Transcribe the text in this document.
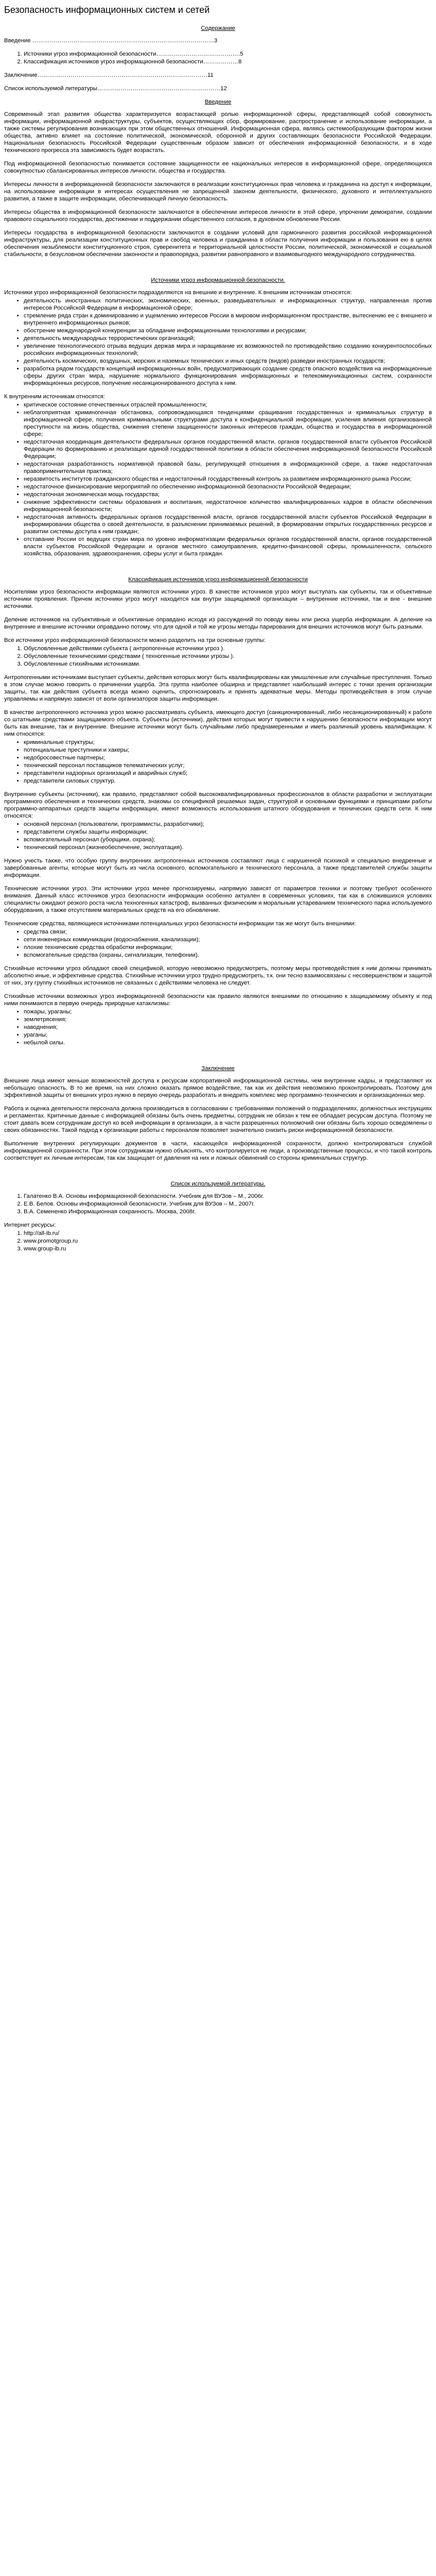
Безопасность информационных систем и сетей
Содержание
Введение …………………………………………………………………………………3
1. Источники угроз информационной безопасности…………………………………….5
2. Классификация источников угроз информационной безопасности………………8
Заключение……………………………………………………………………………11
Список используемой литературы………………………………………………………12
Введение

Современный этап развития общества характеризуется возрастающей ролью информационной сферы, представляющей собой совокупность информации, информационной инфраструктуры, субъектов, осуществляющих сбор, формирование, распространение и использование информации, а также системы регулирования возникающих при этом общественных отношений. Информационная сфера, являясь системообразующим фактором жизни общества, активно влияет на состояние политической, экономической, оборонной и других составляющих безопасности Российской Федерации. Национальная безопасность Российской Федерации существенным образом зависит от обеспечения информационной безопасности, и в ходе технического прогресса эта зависимость будет возрастать.

Под информационной безопасностью понимается состояние защищенности ее национальных интересов в информационной сфере, определяющихся совокупностью сбалансированных интересов личности, общества и государства.

Интересы личности в информационной безопасности заключаются в реализации конституционных прав человека и гражданина на доступ к информации, на использование информации в интересах осуществления не запрещенной законом деятельности, физического, духовного и интеллектуального развития, а также в защите информации, обеспечивающей личную безопасность.

Интересы общества в информационной безопасности заключаются в обеспечении интересов личности в этой сфере, упрочении демократии, создании правового социального государства, достижении и поддержании общественного согласия, в духовном обновлении России.

Интересы государства в информационной безопасности заключаются в создании условий для гармоничного развития российской информационной инфраструктуры, для реализации конституционных прав и свобод человека и гражданина в области получения информации и пользования ею в целях обеспечения незыблемости конституционного строя, суверенитета и территориальной целостности России, политической, экономической и социальной стабильности, в безусловном обеспечении законности и правопорядка, развитии равноправного и взаимовыгодного международного сотрудничества.

Источники угроз информационной безопасности.

Источники угроз информационной безопасности подразделяются на внешние и внутренние. К внешним источникам относятся:

• деятельность иностранных политических, экономических, военных, разведывательных и информационных структур, направленная против интересов Российской Федерации в информационной сфере;
• стремление ряда стран к доминированию и ущемлению интересов России в мировом информационном пространстве, вытеснению ее с внешнего и внутреннего информационных рынков;
• обострение международной конкуренции за обладание информационными технологиями и ресурсами;
• деятельность международных террористических организаций;
• увеличение технологического отрыва ведущих держав мира и наращивание их возможностей по противодействию созданию конкурентоспособных российских информационных технологий;
• деятельность космических, воздушных, морских и наземных технических и иных средств (видов) разведки иностранных государств;
• разработка рядом государств концепций информационных войн, предусматривающих создание средств опасного воздействия на информационные сферы других стран мира, нарушение нормального функционирования информационных и телекоммуникационных систем, сохранности информационных ресурсов, получение несанкционированного доступа к ним.

К внутренним источникам относятся:

• критическое состояние отечественных отраслей промышленности;
• неблагоприятная криминогенная обстановка, сопровождающаяся тенденциями сращивания государственных и криминальных структур в информационной сфере, получения криминальными структурами доступа к конфиденциальной информации, усиления влияния организованной преступности на жизнь общества, снижения степени защищенности законных интересов граждан, общества и государства в информационной сфере;
• недостаточная координация деятельности федеральных органов государственной власти, органов государственной власти субъектов Российской Федерации по формированию и реализации единой государственной политики в области обеспечения информационной безопасности Российской Федерации;
• недостаточная разработанность нормативной правовой базы, регулирующей отношения в информационной сфере, а также недостаточная правоприменительная практика;
• неразвитость институтов гражданского общества и недостаточный государственный контроль за развитием информационного рынка России;
• недостаточное финансирование мероприятий по обеспечению информационной безопасности Российской Федерации;
• недостаточная экономическая мощь государства;
• снижение эффективности системы образования и воспитания, недостаточное количество квалифицированных кадров в области обеспечения информационной безопасности;
• недостаточная активность федеральных органов государственной власти, органов государственной власти субъектов Российской Федерации в информировании общества о своей деятельности, в разъяснении принимаемых решений, в формировании открытых государственных ресурсов и развитии системы доступа к ним граждан;
• отставание России от ведущих стран мира по уровню информатизации федеральных органов государственной власти, органов государственной власти субъектов Российской Федерации и органов местного самоуправления, кредитно-финансовой сферы, промышленности, сельского хозяйства, образования, здравоохранения, сферы услуг и быта граждан.
Классификация источников угроз информационной безопасности

Носителями угроз безопасности информации являются источники угроз. В качестве источников угроз могут выступать как субъекты, так и объективные источники проявления. Причем источники угроз могут находится как внутри защищаемой организации – внутренние источники, так и вне - внешние источники.

Деление источников на субъективные и объективные оправдано исходя из рассуждений по поводу вины или риска ущерба информации. А деление на внутренние и внешние источники оправданно потому, что для одной и той же угрозы методы парирования для внешних источников могут быть разными.

Все источники угроз информационной безопасности можно разделить на три основные группы:

1. Обусловленные действиями субъекта ( антропогенные источники угроз ).
2. Обусловленные техническими средствами ( техногенные источники угрозы ).
3. Обусловленные стихийными источниками.

Антропогенными источниками выступает субъекты, действия которых могут быть квалифицированы как умышленные или случайные преступления. Только в этом случае можно говорить о причинении ущерба. Эта группа наиболее обширна и представляет наибольший интерес с точки зрения организации защиты, так как действия субъекта всегда можно оценить, спрогнозировать и принять адекватные меры. Методы противодействия в этом случае управляемы и напрямую зависят от воли организаторов защиты информации.

В качестве антропогенного источника угроз можно рассматривать субъекта, имеющего доступ (санкционированный, либо несанкционированный) к работе со штатными средствами защищаемого объекта. Субъекты (источники), действия которых могут привести к нарушению безопасности информации могут быть как внешние, так и внутренние. Внешние источники могут быть случайными либо преднамеренными и иметь различный уровень квалификации. К ним относятся:

• криминальные структуры;
• потенциальные преступники и хакеры;
• недобросовестные партнеры;
• технический персонал поставщиков телематических услуг;
• представители надзорных организаций и аварийных служб;
• представители силовых структур.

Внутренние субъекты (источники), как правило, представляют собой высококвалифицированных профессионалов в области разработки и эксплуатации программного обеспечения и технических средств, знакомы со спецификой решаемых задач, структурой и основными функциями и принципами работы программно-аппаратных средств защиты информации, имеют возможность использования штатного оборудования и технических средств сети. К ним относятся:

• основной персонал (пользователи, программисты, разработчики);
• представители службы защиты информации;
• вспомогательный персонал (уборщики, охрана);
• технический персонал (жизнеобеспечение, эксплуатация).

Нужно учесть также, что особую группу внутренних антропогенных источников составляют лица с нарушенной психикой и специально внедренные и завербованные агенты, которые могут быть из числа основного, вспомогательного и технического персонала, а также представителей службы защиты информации.

Технические источники угроз. Эти источники угроз менее прогнозируемы, напрямую зависят от параметров техники и поэтому требуют особенного внимания. Данный класс источников угроз безопасности информации особенно актуален в современных условиях, так как в сложившихся условиях специалисты ожидают резкого роста числа техногенных катастроф, вызванных физическим и моральным устареванием технического парка используемого оборудования, а также отсутствием материальных средств на его обновление.

Технические средства, являющиеся источниками потенциальных угроз безопасности информации так же могут быть внешними:

• средства связи;
• сети инженерных коммуникации (водоснабжения, канализации);
• плохие технические средства обработки информации;
• вспомогательные средства (охраны, сигнализации, телефонии).

Стихийные источники угроз обладают своей спецификой, которую невозможно предусмотреть, поэтому меры противодействия к ним должны принимать абсолютно иные, и эффективные средства. Стихийные источники угроз трудно предусмотреть, т.к. они тесно взаимосвязаны с несовершенством и защитой от них, эту группу стихийных источников не связанных с действиями человека не следует.

Стихийные источники возможных угроз информационной безопасности как правило являются внешними по отношению к защищаемому объекту и под ними понимаются в первую очередь природные катаклизмы:

• пожары, ураганы;
• землетрясения;
• наводнения;
• ураганы;
• небылой силы.
Заключение

Внешние лица имеют меньше возможностей доступа к ресурсам корпоративной информационной системы, чем внутренние кадры, и представляют их небольшую опасность. В то же время, на них сложно оказать прямое воздействие, так как их действия невозможно проконтролировать. Поэтому для эффективной защиты от внешних угроз нужно в первую очередь разработать и внедрить комплекс мер программно-технических и организационных мер.

Работа и оценка деятельности персонала должна производиться в согласовании с требованиями положений о подразделениях, должностных инструкциях и регламентах. Критичные данные с информацией обязаны быть очень предметны, сотрудник не обязан к тем ее обладает ресурсам доступа. Поэтому не стоит давать всем сотрудникам доступ ко всей информации в организации, а в части разрешенных полномочий они обязаны быть хорошо осведомлены о своих обязанностях. Такой подход к организации работы с персоналом позволяет значительно снизить риски информационной безопасности.

Выполнение внутренних регулирующих документов в части, касающейся информационной сохранности, должно контролироваться службой информационной сохранности. При этом сотрудникам нужно объяснять, что контролируется не люди, а производственные процессы, и что такой контроль соответствует их личным интересам, так как защищает от давления на них и ложных обвинений со стороны криминальных структур.

Список используемой литературы.
1. Галатенко В.А. Основы информационной безопасности. Учебник для ВУЗов – М., 2006г.
2. Е.В. Белов. Основы информационной безопасности. Учебник для ВУЗов – М., 2007г.
3. В.А. Семененко Информационная сохранность. Москва, 2008г.
Интернет ресурсы:
1. http://all-ib.ru/
2. www.promotgroup.ru
3. www.group-ib.ru
